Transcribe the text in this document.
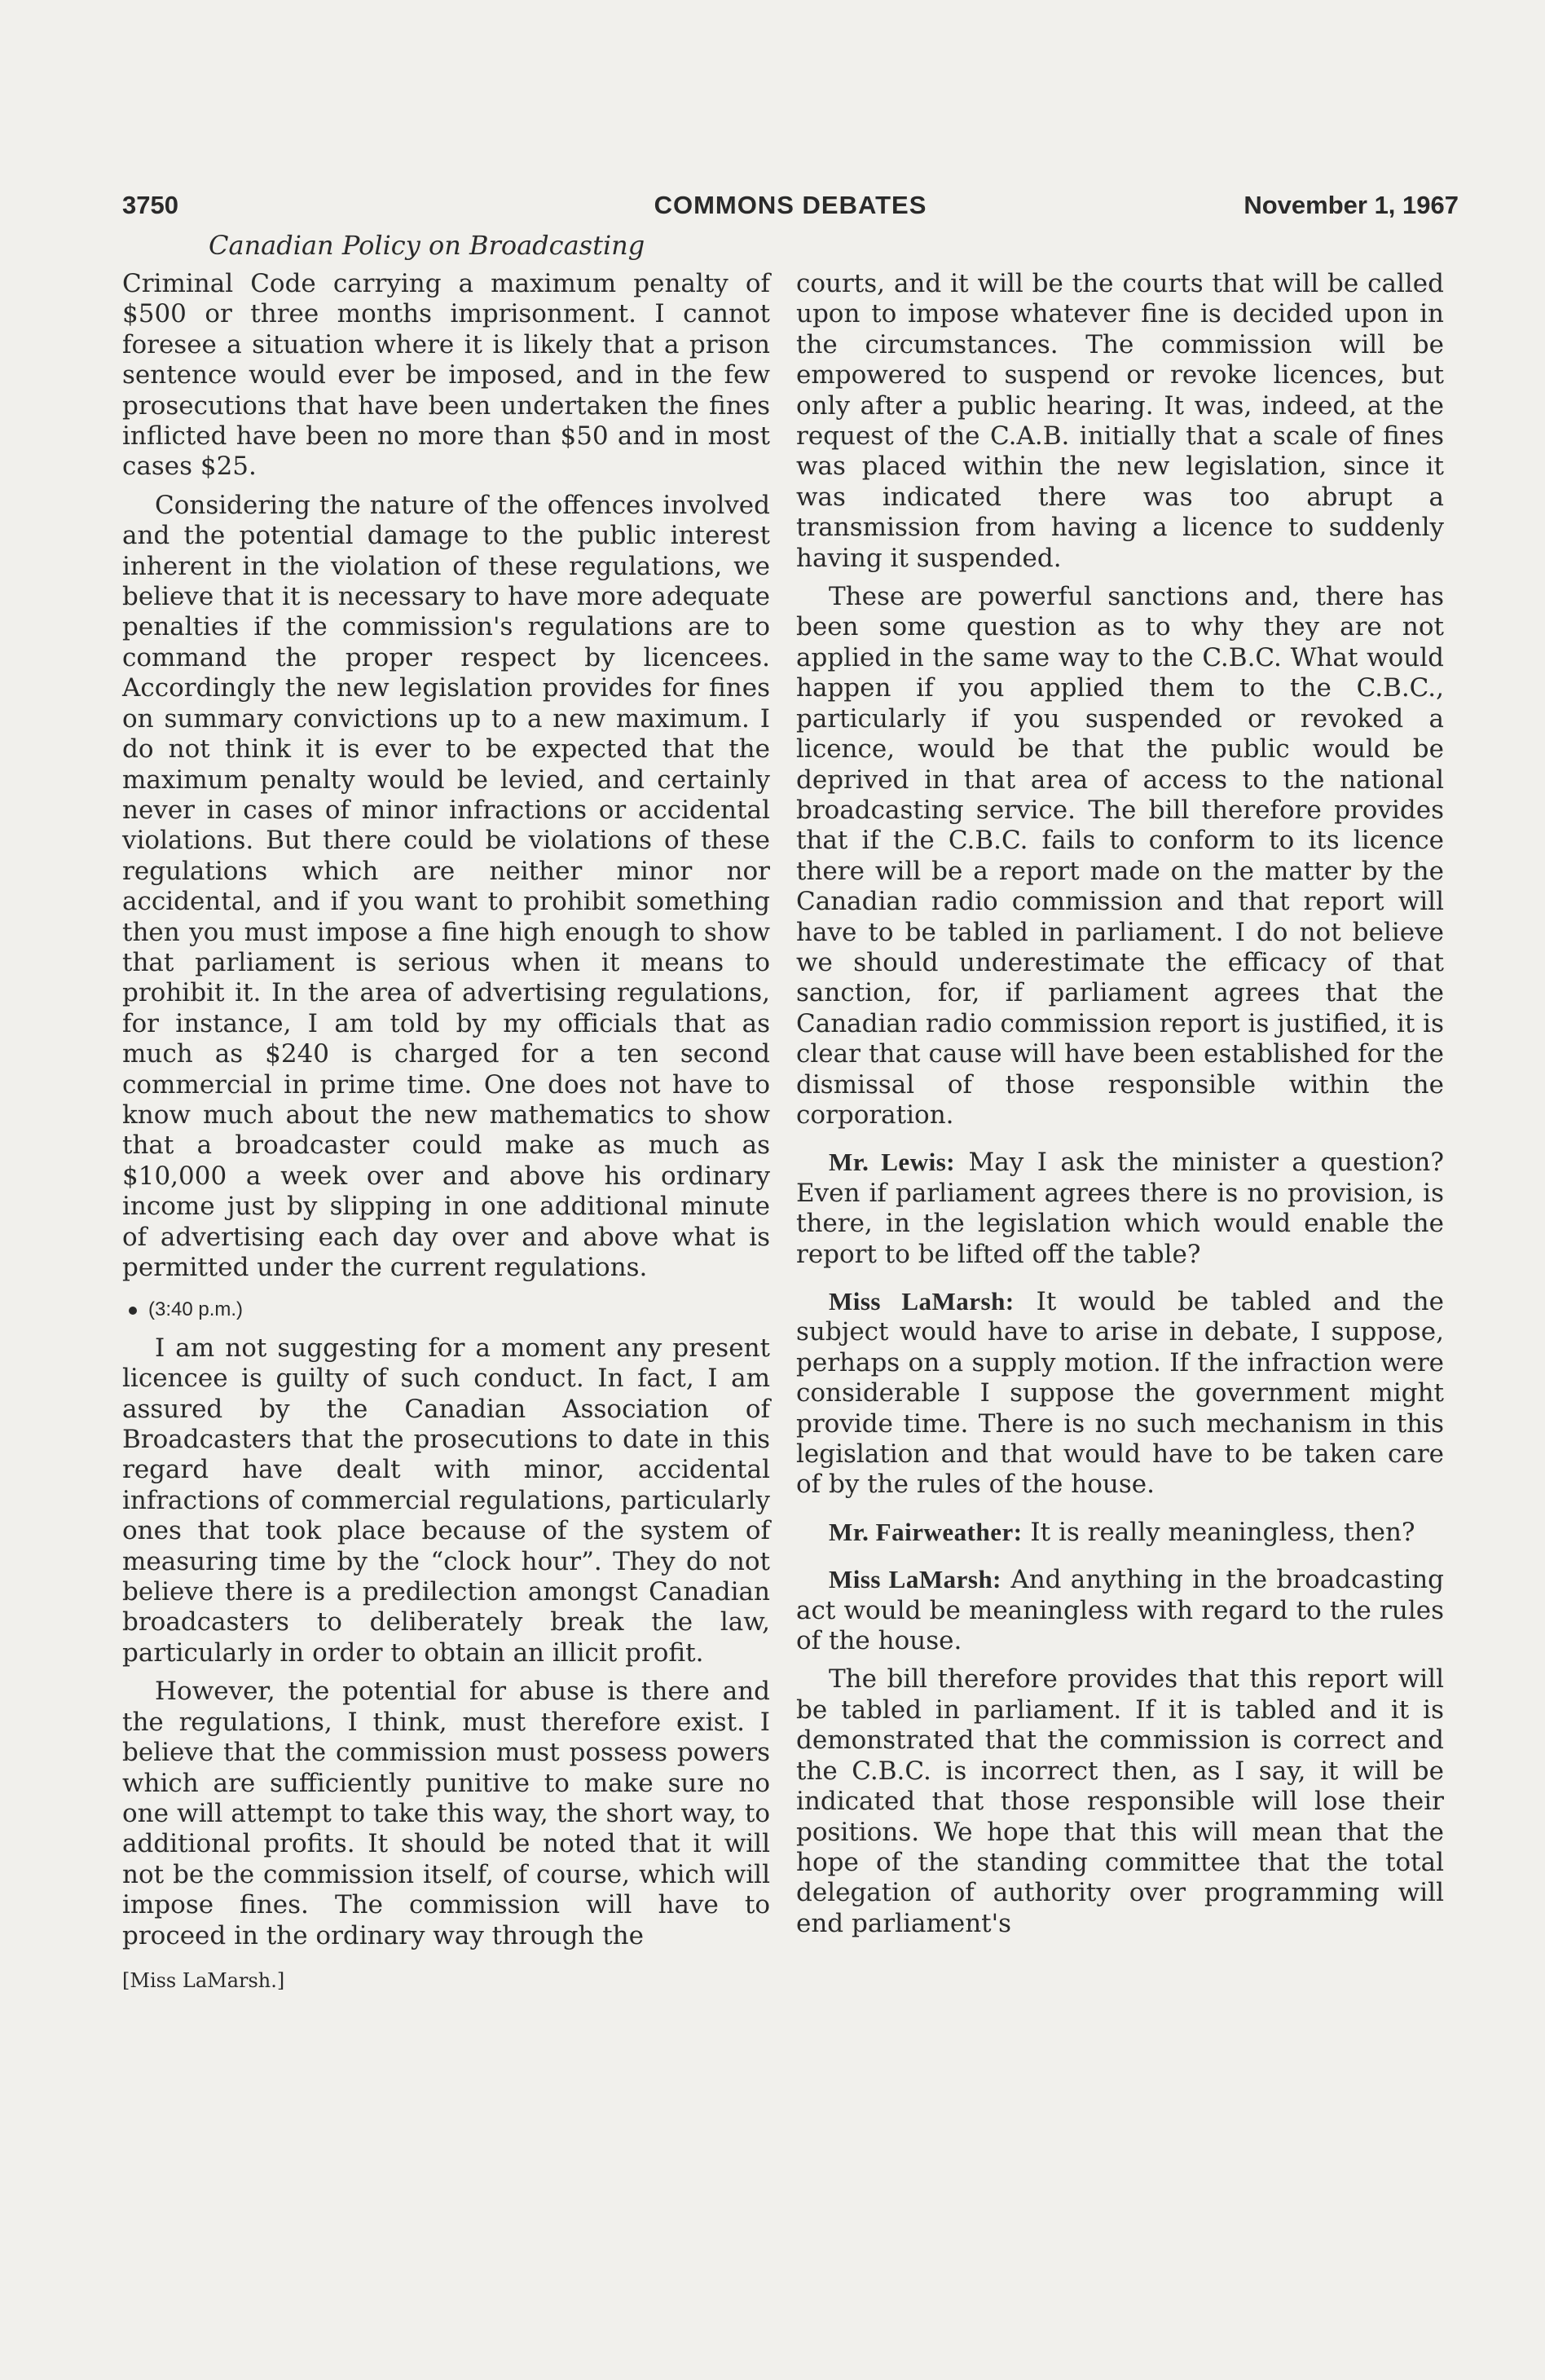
3750	COMMONS DEBATES	November 1, 1967
Canadian Policy on Broadcasting

Criminal Code carrying a maximum penalty of $500 or three months imprisonment. I cannot foresee a situation where it is likely that a prison sentence would ever be imposed, and in the few prosecutions that have been undertaken the fines inflicted have been no more than $50 and in most cases $25.

Considering the nature of the offences involved and the potential damage to the public interest inherent in the violation of these regulations, we believe that it is necessary to have more adequate penalties if the commission's regulations are to command the proper respect by licencees. Accordingly the new legislation provides for fines on summary convictions up to a new maximum. I do not think it is ever to be expected that the maximum penalty would be levied, and certainly never in cases of minor infractions or accidental violations. But there could be violations of these regulations which are neither minor nor accidental, and if you want to prohibit something then you must impose a fine high enough to show that parliament is serious when it means to prohibit it. In the area of advertising regulations, for instance, I am told by my officials that as much as $240 is charged for a ten second commercial in prime time. One does not have to know much about the new mathematics to show that a broadcaster could make as much as $10,000 a week over and above his ordinary income just by slipping in one additional minute of advertising each day over and above what is permitted under the current regulations.

(3:40 p.m.)

I am not suggesting for a moment any present licencee is guilty of such conduct. In fact, I am assured by the Canadian Association of Broadcasters that the prosecutions to date in this regard have dealt with minor, accidental infractions of commercial regulations, particularly ones that took place because of the system of measuring time by the “clock hour”. They do not believe there is a predilection amongst Canadian broadcasters to deliberately break the law, particularly in order to obtain an illicit profit.

However, the potential for abuse is there and the regulations, I think, must therefore exist. I believe that the commission must possess powers which are sufficiently punitive to make sure no one will attempt to take this way, the short way, to additional profits. It should be noted that it will not be the commission itself, of course, which will impose fines. The commission will have to proceed in the ordinary way through the

[Miss LaMarsh.]

courts, and it will be the courts that will be called upon to impose whatever fine is decided upon in the circumstances. The commission will be empowered to suspend or revoke licences, but only after a public hearing. It was, indeed, at the request of the C.A.B. initially that a scale of fines was placed within the new legislation, since it was indicated there was too abrupt a transmission from having a licence to suddenly having it suspended.

These are powerful sanctions and, there has been some question as to why they are not applied in the same way to the C.B.C. What would happen if you applied them to the C.B.C., particularly if you suspended or revoked a licence, would be that the public would be deprived in that area of access to the national broadcasting service. The bill therefore provides that if the C.B.C. fails to conform to its licence there will be a report made on the matter by the Canadian radio commission and that report will have to be tabled in parliament. I do not believe we should underestimate the efficacy of that sanction, for, if parliament agrees that the Canadian radio commission report is justified, it is clear that cause will have been established for the dismissal of those responsible within the corporation.

Mr. Lewis: May I ask the minister a question? Even if parliament agrees there is no provision, is there, in the legislation which would enable the report to be lifted off the table?

Miss LaMarsh: It would be tabled and the subject would have to arise in debate, I suppose, perhaps on a supply motion. If the infraction were considerable I suppose the government might provide time. There is no such mechanism in this legislation and that would have to be taken care of by the rules of the house.

Mr. Fairweather: It is really meaningless, then?

Miss LaMarsh: And anything in the broadcasting act would be meaningless with regard to the rules of the house.

The bill therefore provides that this report will be tabled in parliament. If it is tabled and it is demonstrated that the commission is correct and the C.B.C. is incorrect then, as I say, it will be indicated that those responsible will lose their positions. We hope that this will mean that the hope of the standing committee that the total delegation of authority over programming will end parliament's
